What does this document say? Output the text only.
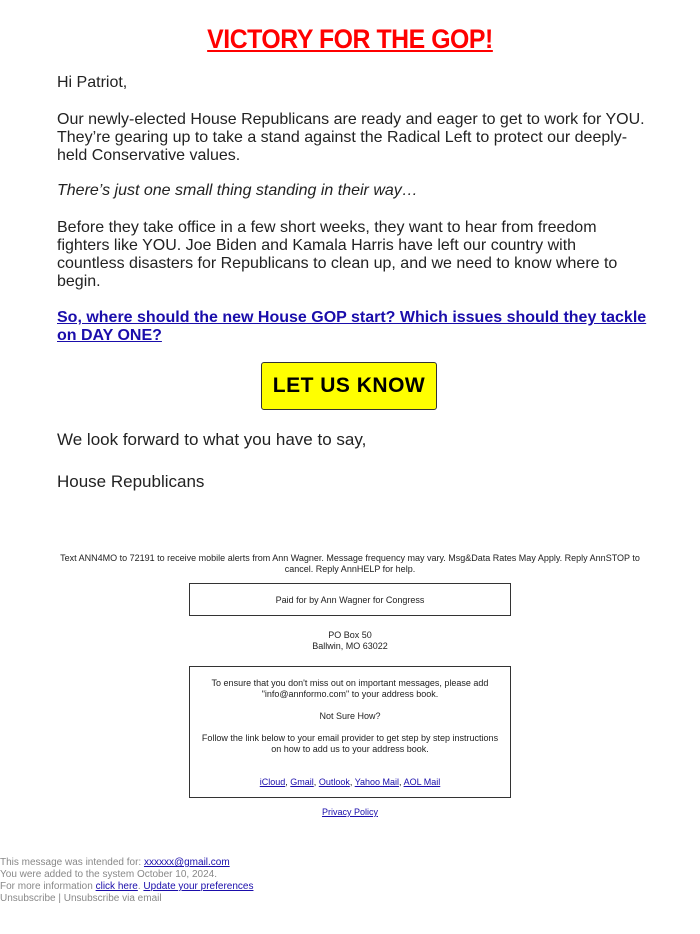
VICTORY FOR THE GOP!

Hi Patriot,

Our newly-elected House Republicans are ready and eager to get to work for YOU. They’re gearing up to take a stand against the Radical Left to protect our deeply-held Conservative values.

There’s just one small thing standing in their way…

Before they take office in a few short weeks, they want to hear from freedom fighters like YOU. Joe Biden and Kamala Harris have left our country with countless disasters for Republicans to clean up, and we need to know where to begin.

So, where should the new House GOP start? Which issues should they tackle on DAY ONE?
LET US KNOW

We look forward to what you have to say,

House Republicans

Text ANN4MO to 72191 to receive mobile alerts from Ann Wagner. Message frequency may vary. Msg&Data Rates May Apply. Reply AnnSTOP to cancel. Reply AnnHELP for help.
Paid for by Ann Wagner for Congress
PO Box 50
Ballwin, MO 63022
To ensure that you don't miss out on important messages, please add "info@annformo.com" to your address book.
Not Sure How?
Follow the link below to your email provider to get step by step instructions on how to add us to your address book.
iCloud, Gmail, Outlook, Yahoo Mail, AOL Mail
Privacy Policy
This message was intended for: xxxxxx@gmail.com
You were added to the system October 10, 2024.
For more information click here. Update your preferences
Unsubscribe | Unsubscribe via email
